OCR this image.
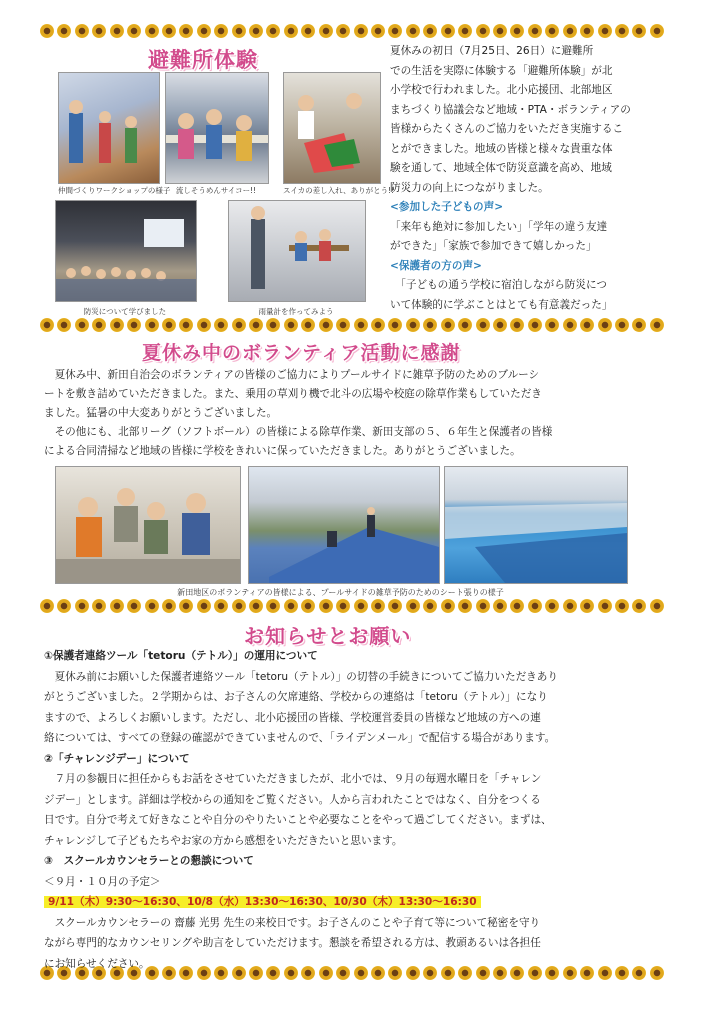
避難所体験
仲間づくりワークショップの様子 流しそうめんサイコー!!	スイカの差し入れ、ありがとう!!
防災について学びました	雨量計を作ってみよう
夏休みの初日（7月25日、26日）に避難所
での生活を実際に体験する「避難所体験」が北
小学校で行われました。北小応援団、北部地区
まちづくり協議会など地域・PTA・ボランティアの
皆様からたくさんのご協力をいただき実施するこ
とができました。地域の皆様と様々な貴重な体
験を通して、地域全体で防災意識を高め、地域
防災力の向上につながりました。
<参加した子どもの声>
「来年も絶対に参加したい」「学年の違う友達
ができた」「家族で参加できて嬉しかった」
<保護者の方の声>
　「子どもの通う学校に宿泊しながら防災につ
いて体験的に学ぶことはとても有意義だった」
夏休み中のボランティア活動に感謝
　夏休み中、新田自治会のボランティアの皆様のご協力によりプールサイドに雑草予防のためのブルーシ
ートを敷き詰めていただきました。また、乗用の草刈り機で北斗の広場や校庭の除草作業もしていただき
ました。猛暑の中大変ありがとうございました。
　その他にも、北部リーグ（ソフトボール）の皆様による除草作業、新田支部の５、６年生と保護者の皆様
による合同清掃など地域の皆様に学校をきれいに保っていただきました。ありがとうございました。
新田地区のボランティアの皆様による、プールサイドの雑草予防のためのシート張りの様子
お知らせとお願い
①保護者連絡ツール「tetoru（テトル）」の運用について
　夏休み前にお願いした保護者連絡ツール「tetoru（テトル）」の切替の手続きについてご協力いただきあり
がとうございました。２学期からは、お子さんの欠席連絡、学校からの連絡は「tetoru（テトル）」になり
ますので、よろしくお願いします。ただし、北小応援団の皆様、学校運営委員の皆様など地域の方への連
絡については、すべての登録の確認ができていませんので、「ライデンメール」で配信する場合があります。
②「チャレンジデー」について
　７月の参観日に担任からもお話をさせていただきましたが、北小では、９月の毎週水曜日を「チャレン
ジデー」とします。詳細は学校からの通知をご覧ください。人から言われたことではなく、自分をつくる
日です。自分で考えて好きなことや自分のやりたいことや必要なことをやって過ごしてください。まずは、
チャレンジして子どもたちやお家の方から感想をいただきたいと思います。
③　スクールカウンセラーとの懇談について
＜９月・１０月の予定＞
9/11（木）9:30～16:30、10/8（水）13:30～16:30、10/30（木）13:30～16:30
　スクールカウンセラーの 齋藤 光男 先生の来校日です。お子さんのことや子育て等について秘密を守り
ながら専門的なカウンセリングや助言をしていただけます。懇談を希望される方は、教頭あるいは各担任
にお知らせください。
